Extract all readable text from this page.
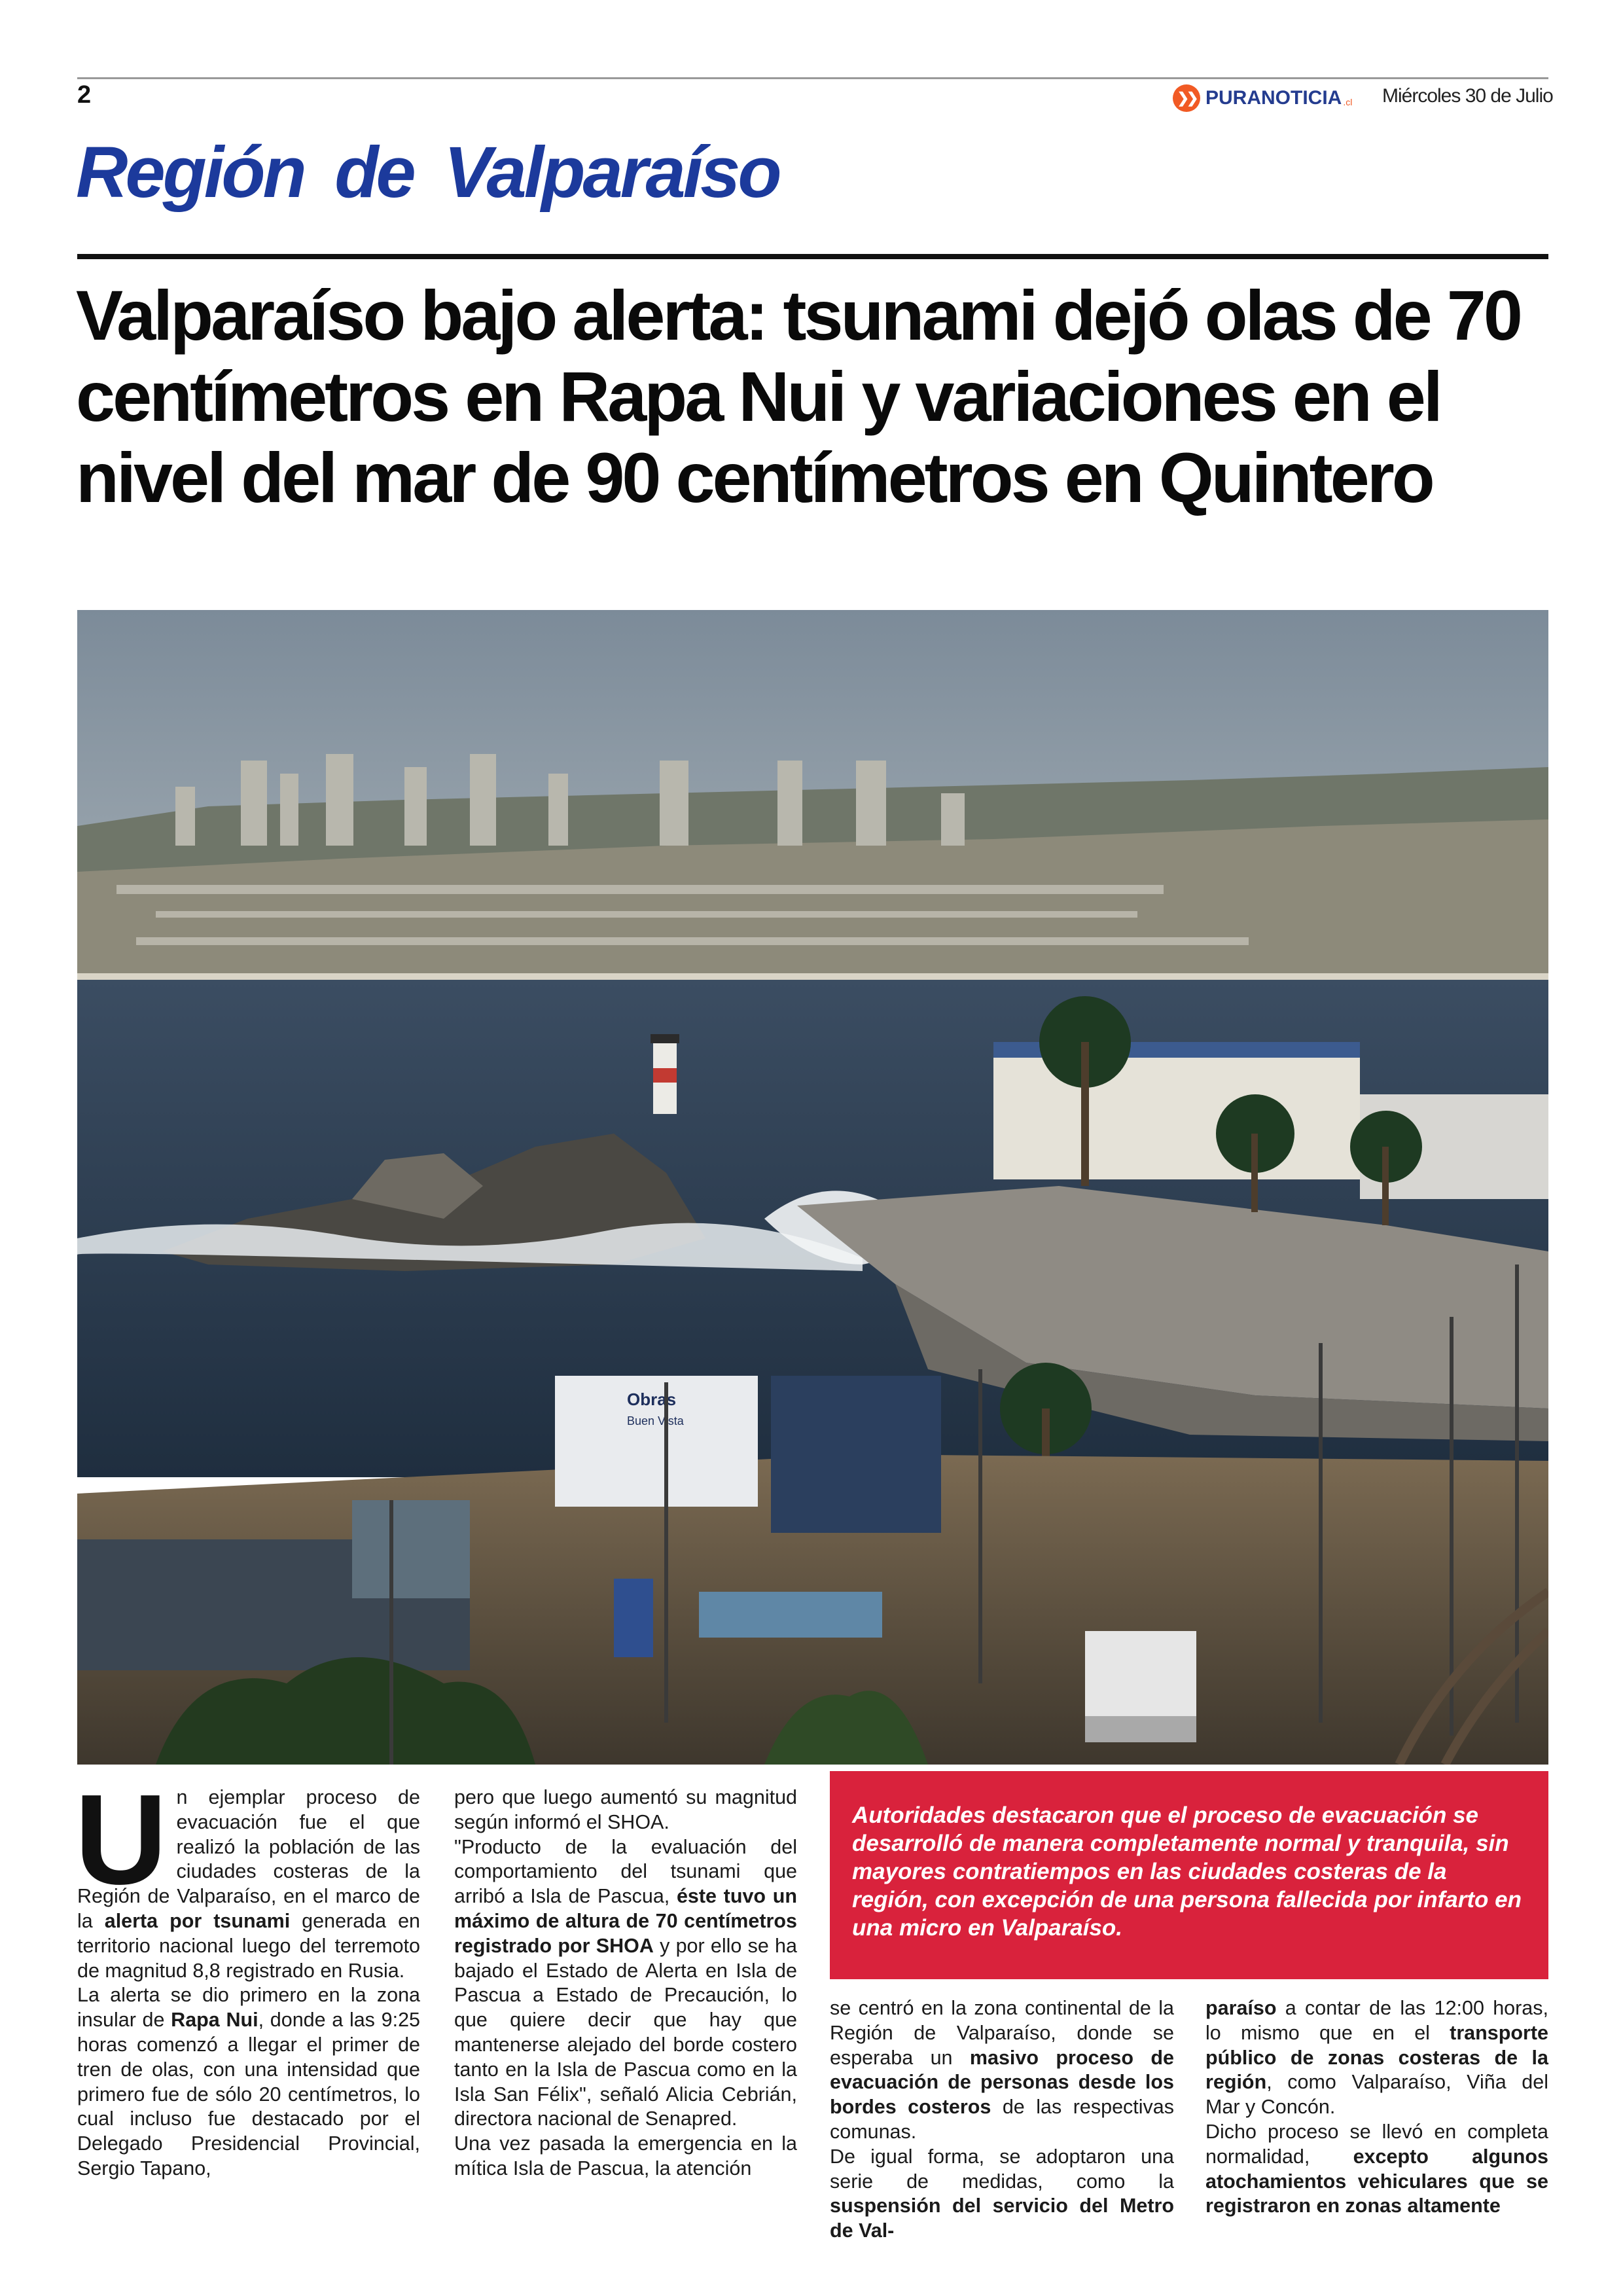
2	❯❯ PURANOTICIA .cl Miércoles 30 de Julio
Región de Valparaíso
Valparaíso bajo alerta: tsunami dejó olas de 70 centímetros en Rapa Nui y variaciones en el nivel del mar de 90 centímetros en Quintero
Obras
Buen Vista
U n ejemplar proceso de evacuación fue el que realizó la población de las ciudades costeras de la Región de Valparaíso, en el marco de la alerta por tsunami generada en territorio nacional luego del terremoto de magnitud 8,8 registrado en Rusia.
La alerta se dio primero en la zona insular de Rapa Nui, donde a las 9:25 horas comenzó a llegar el primer de tren de olas, con una intensidad que primero fue de sólo 20 centímetros, lo cual incluso fue destacado por el Delegado Presidencial Provincial, Sergio Tapano,

pero que luego aumentó su magnitud según informó el SHOA.
"Producto de la evaluación del comportamiento del tsunami que arribó a Isla de Pascua, éste tuvo un máximo de altura de 70 centímetros registrado por SHOA y por ello se ha bajado el Estado de Alerta en Isla de Pascua a Estado de Precaución, lo que quiere decir que hay que mantenerse alejado del borde costero tanto en la Isla de Pascua como en la Isla San Félix", señaló Alicia Cebrián, directora nacional de Senapred.
Una vez pasada la emergencia en la mítica Isla de Pascua, la atención

Autoridades destacaron que el proceso de evacuación se desarrolló de manera completamente normal y tranquila, sin mayores contratiempos en las ciudades costeras de la región, con excepción de una persona fallecida por infarto en una micro en Valparaíso.

se centró en la zona continental de la Región de Valparaíso, donde se esperaba un masivo proceso de evacuación de personas desde los bordes costeros de las respectivas comunas.
De igual forma, se adoptaron una serie de medidas, como la suspensión del servicio del Metro de Val-

paraíso a contar de las 12:00 horas, lo mismo que en el transporte público de zonas costeras de la región, como Valparaíso, Viña del Mar y Concón.
Dicho proceso se llevó en completa normalidad, excepto algunos atochamientos vehiculares que se registraron en zonas altamente
